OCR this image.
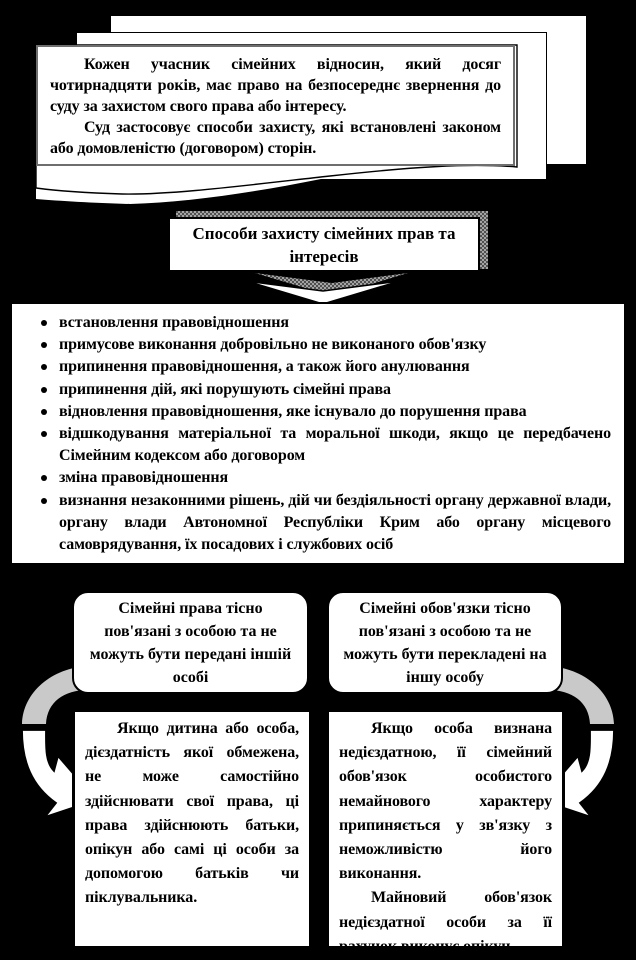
Кожен учасник сімейних відносин, який досяг чотирнадцяти років, має право на безпосереднє звернення до суду за захистом свого права або інтересу.

Суд застосовує способи захисту, які встановлені законом або домовленістю (договором) сторін.

Способи захисту сімейних прав та інтересів
встановлення правовідношення
примусове виконання добровільно не виконаного обов'язку
припинення правовідношення, а також його анулювання
припинення дій, які порушують сімейні права
відновлення правовідношення, яке існувало до порушення права
відшкодування матеріальної та моральної шкоди, якщо це передбачено Сімейним кодексом або договором
зміна правовідношення
визнання незаконними рішень, дій чи бездіяльності органу державної влади, органу влади Автономної Республіки Крим або органу місцевого самоврядування, їх посадових і службових осіб
Сімейні права тісно пов'язані з особою та не можуть бути передані іншій особі
Сімейні обов'язки тісно пов'язані з особою та не можуть бути перекладені на іншу особу

Якщо дитина або особа, дієздатність якої обмежена, не може самостійно здійснювати свої права, ці права здійснюють батьки, опікун або самі ці особи за допомогою батьків чи піклувальника.

Якщо особа визнана недієздатною, її сімейний обов'язок особистого немайнового характеру припиняється у зв'язку з неможливістю його виконання.

Майновий обов'язок недієздатної особи за її рахунок виконує опікун.
